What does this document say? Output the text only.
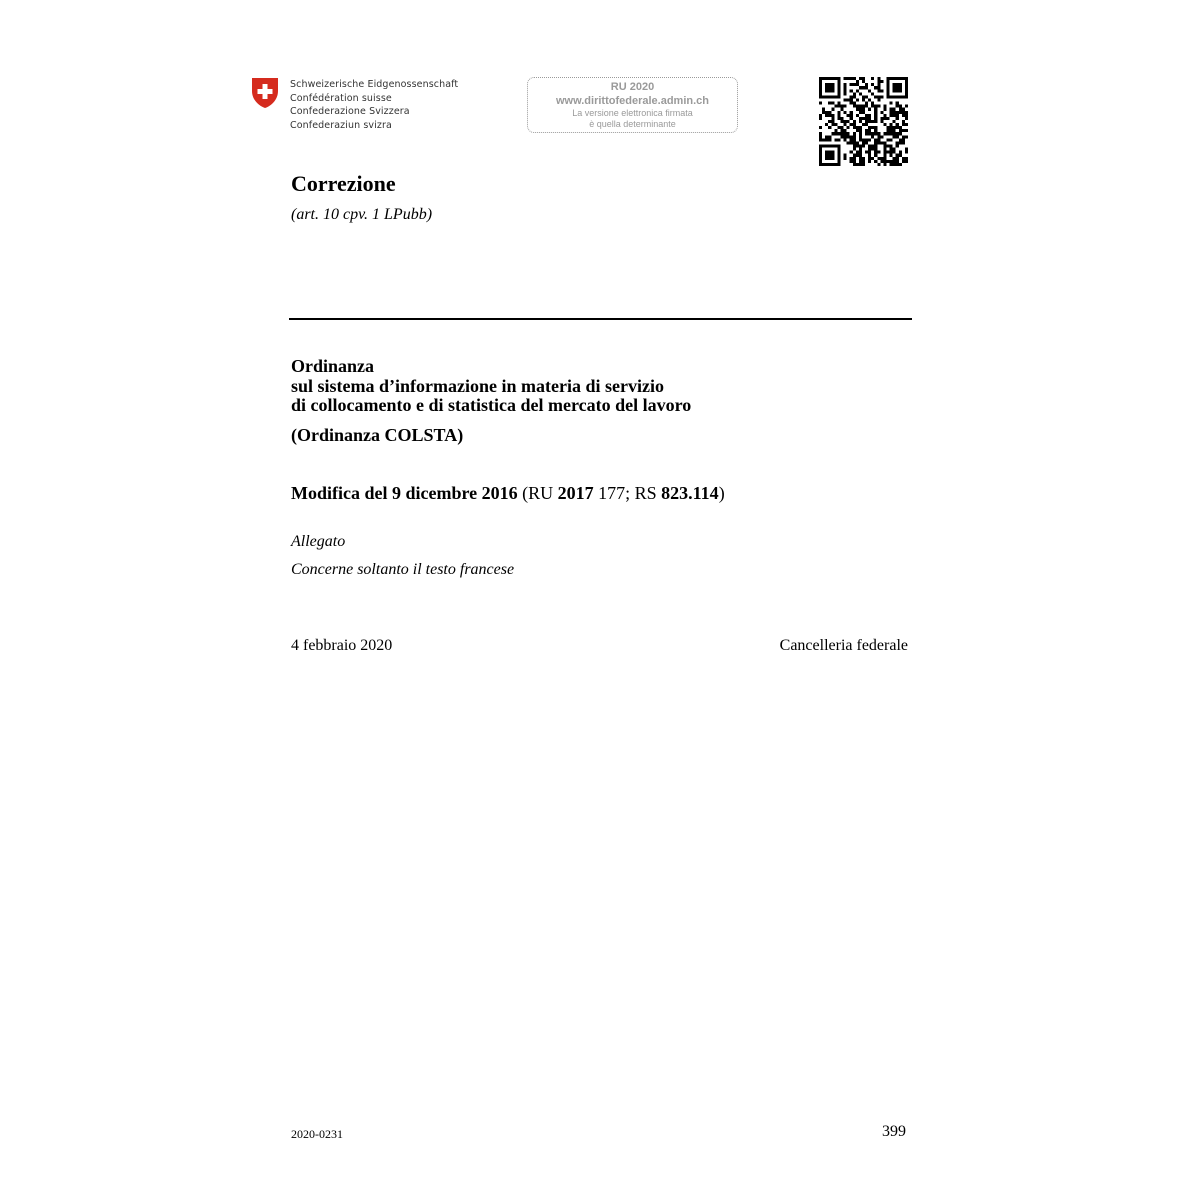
Schweizerische Eidgenossenschaft
Confédération suisse
Confederazione Svizzera
Confederaziun svizra
RU 2020
www.dirittofederale.admin.ch
La versione elettronica firmata
è quella determinante
Correzione
(art. 10 cpv. 1 LPubb)
Ordinanza
sul sistema d’informazione in materia di servizio
di collocamento e di statistica del mercato del lavoro
(Ordinanza COLSTA)
Modifica del 9 dicembre 2016 (RU 2017 177; RS 823.114)
Allegato
Concerne soltanto il testo francese
4 febbraio 2020	Cancelleria federale
2020-0231	399
